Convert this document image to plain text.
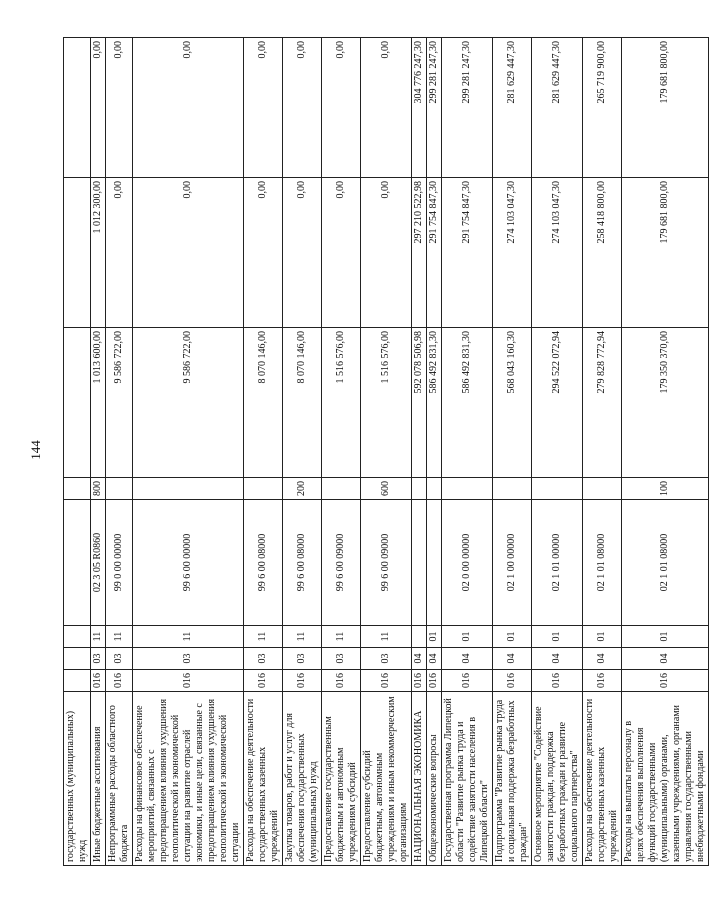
144
государственных (муниципальных) нужд								
Иные бюджетные ассигнования	016	03	11	02 3 05 R0860	800	1 013 600,00	1 012 300,00	0,00
Непрограммные расходы областного бюджета	016	03	11	99 0 00 00000		9 586 722,00	0,00	0,00
Расходы на финансовое обеспечение мероприятий, связанных с предотвращением влияния ухудшения геополитической и экономической ситуации на развитие отраслей экономики, и иные цели, связанные с предотвращением влияния ухудшения геополитической и экономической ситуации	016	03	11	99 6 00 00000		9 586 722,00	0,00	0,00
Расходы на обеспечение деятельности государственных казенных учреждений	016	03	11	99 6 00 08000		8 070 146,00	0,00	0,00
Закупка товаров, работ и услуг для обеспечения государственных (муниципальных) нужд	016	03	11	99 6 00 08000	200	8 070 146,00	0,00	0,00
Предоставление государственным бюджетным и автономным учреждениям субсидий	016	03	11	99 6 00 09000		1 516 576,00	0,00	0,00
Предоставление субсидий бюджетным, автономным учреждениям и иным некоммерческим организациям	016	03	11	99 6 00 09000	600	1 516 576,00	0,00	0,00
НАЦИОНАЛЬНАЯ ЭКОНОМИКА	016	04				592 078 506,98	297 210 522,98	304 776 247,30
Общеэкономические вопросы	016	04	01			586 492 831,30	291 754 847,30	299 281 247,30
Государственная программа Липецкой области "Развитие рынка труда и содействие занятости населения в Липецкой области"	016	04	01	02 0 00 00000		586 492 831,30	291 754 847,30	299 281 247,30
Подпрограмма "Развитие рынка труда и социальная поддержка безработных граждан"	016	04	01	02 1 00 00000		568 043 160,30	274 103 047,30	281 629 447,30
Основное мероприятие "Содействие занятости граждан, поддержка безработных граждан и развитие социального партнерства"	016	04	01	02 1 01 00000		294 522 072,94	274 103 047,30	281 629 447,30
Расходы на обеспечение деятельности государственных казенных учреждений	016	04	01	02 1 01 08000		279 828 772,94	258 418 800,00	265 719 900,00
Расходы на выплаты персоналу в целях обеспечения выполнения функций государственными (муниципальными) органами, казенными учреждениями, органами управления государственными внебюджетными фондами	016	04	01	02 1 01 08000	100	179 350 370,00	179 681 800,00	179 681 800,00
